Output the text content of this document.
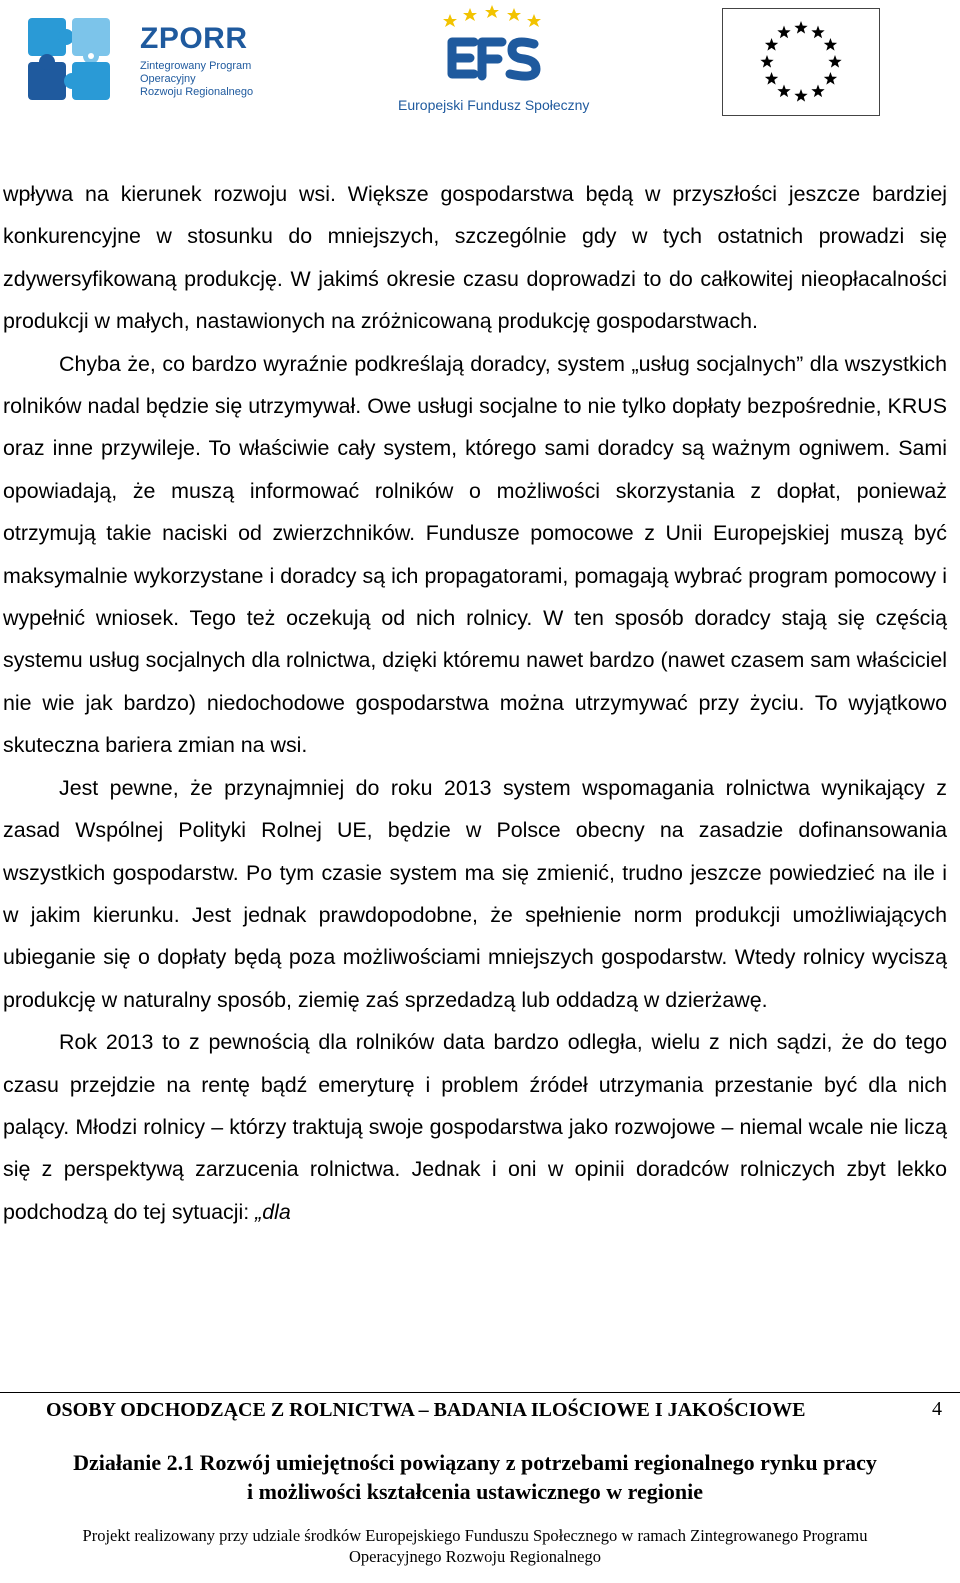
ZPORR
Zintegrowany Program
Operacyjny
Rozwoju Regionalnego
Europejski Fundusz Społeczny

wpływa na kierunek rozwoju wsi. Większe gospodarstwa będą w przyszłości jeszcze bardziej konkurencyjne w stosunku do mniejszych, szczególnie gdy w tych ostatnich prowadzi się zdywersyfikowaną produkcję. W jakimś okresie czasu doprowadzi to do całkowitej nieopłacalności produkcji w małych, nastawionych na zróżnicowaną produkcję gospodarstwach.

Chyba że, co bardzo wyraźnie podkreślają doradcy, system „usług socjalnych” dla wszystkich rolników nadal będzie się utrzymywał. Owe usługi socjalne to nie tylko dopłaty bezpośrednie, KRUS oraz inne przywileje. To właściwie cały system, którego sami doradcy są ważnym ogniwem. Sami opowiadają, że muszą informować rolników o możliwości skorzystania z dopłat, ponieważ otrzymują takie naciski od zwierzchników. Fundusze pomocowe z Unii Europejskiej muszą być maksymalnie wykorzystane i doradcy są ich propagatorami, pomagają wybrać program pomocowy i wypełnić wniosek. Tego też oczekują od nich rolnicy. W ten sposób doradcy stają się częścią systemu usług socjalnych dla rolnictwa, dzięki któremu nawet bardzo (nawet czasem sam właściciel nie wie jak bardzo) niedochodowe gospodarstwa można utrzymywać przy życiu. To wyjątkowo skuteczna bariera zmian na wsi.

Jest pewne, że przynajmniej do roku 2013 system wspomagania rolnictwa wynikający z zasad Wspólnej Polityki Rolnej UE, będzie w Polsce obecny na zasadzie dofinansowania wszystkich gospodarstw. Po tym czasie system ma się zmienić, trudno jeszcze powiedzieć na ile i w jakim kierunku. Jest jednak prawdopodobne, że spełnienie norm produkcji umożliwiających ubieganie się o dopłaty będą poza możliwościami mniejszych gospodarstw. Wtedy rolnicy wyciszą produkcję w naturalny sposób, ziemię zaś sprzedadzą lub oddadzą w dzierżawę.

Rok 2013 to z pewnością dla rolników data bardzo odległa, wielu z nich sądzi, że do tego czasu przejdzie na rentę bądź emeryturę i problem źródeł utrzymania przestanie być dla nich palący. Młodzi rolnicy – którzy traktują swoje gospodarstwa jako rozwojowe – niemal wcale nie liczą się z perspektywą zarzucenia rolnictwa. Jednak i oni w opinii doradców rolniczych zbyt lekko podchodzą do tej sytuacji: „dla

OSOBY ODCHODZĄCE Z ROLNICTWA – BADANIA ILOŚCIOWE I JAKOŚCIOWE	4
Działanie 2.1 Rozwój umiejętności powiązany z potrzebami regionalnego rynku pracy
i możliwości kształcenia ustawicznego w regionie
Projekt realizowany przy udziale środków Europejskiego Funduszu Społecznego w ramach Zintegrowanego Programu
Operacyjnego Rozwoju Regionalnego
